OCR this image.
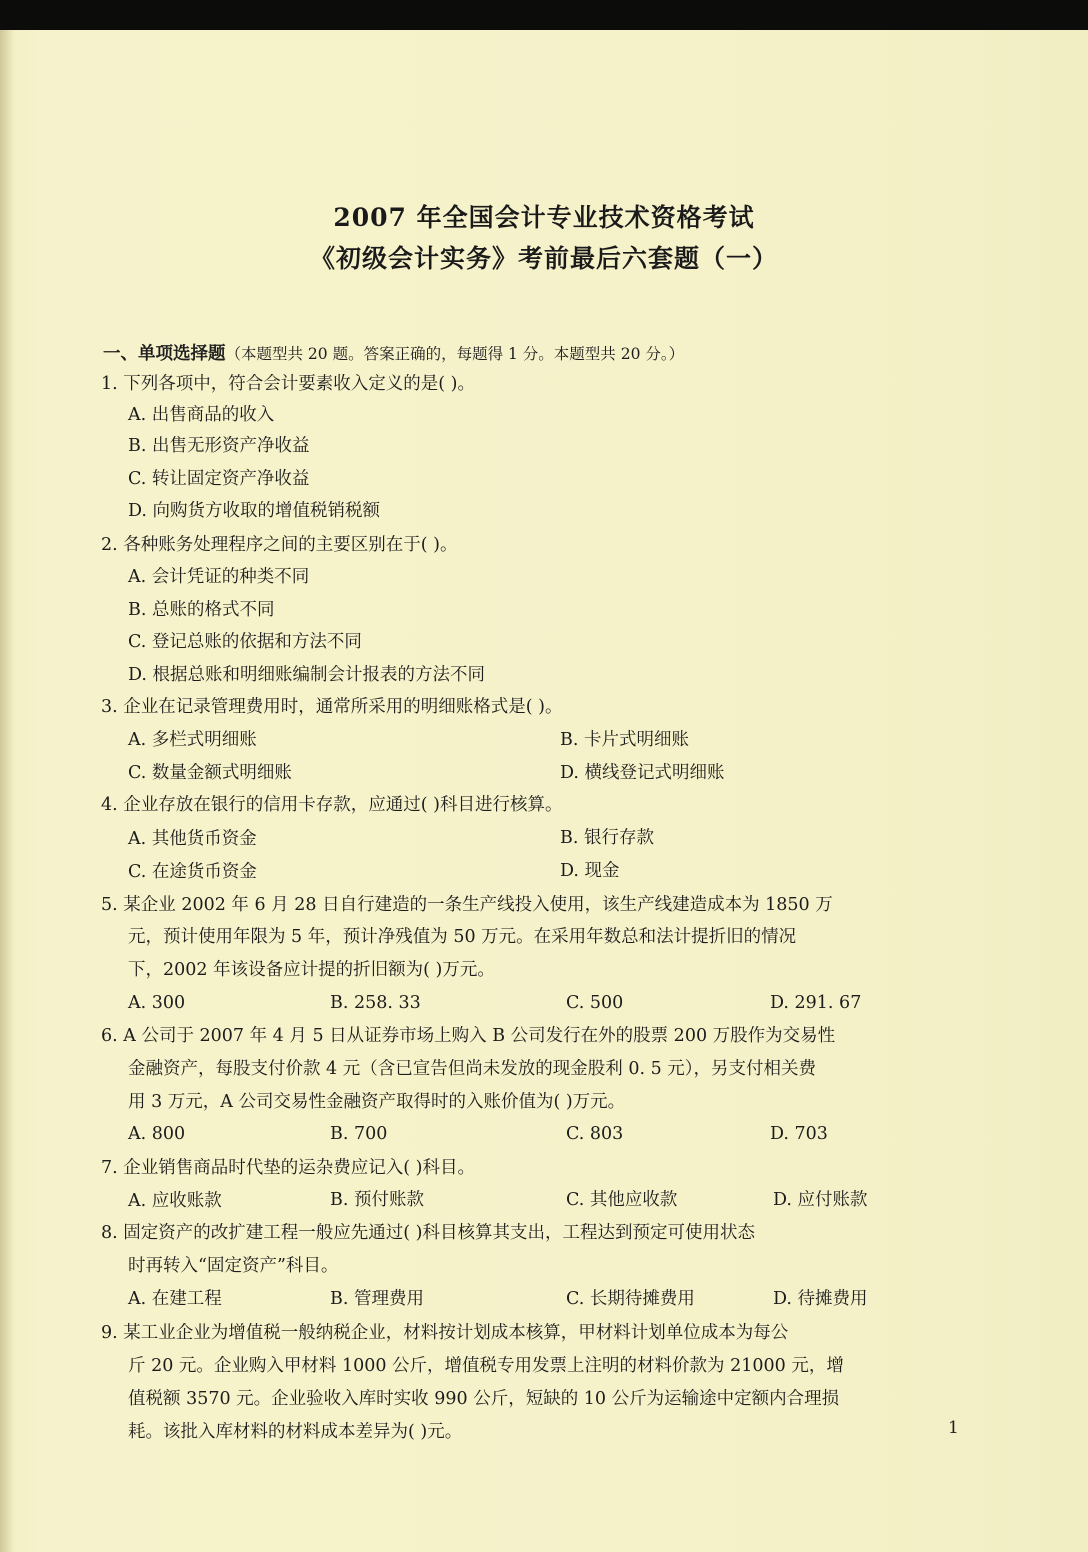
2007 年全国会计专业技术资格考试
《初级会计实务》考前最后六套题（一）
一、单项选择题（本题型共 20 题。答案正确的，每题得 1 分。本题型共 20 分。）
1. 下列各项中，符合会计要素收入定义的是( )。
A. 出售商品的收入
B. 出售无形资产净收益
C. 转让固定资产净收益
D. 向购货方收取的增值税销税额
2. 各种账务处理程序之间的主要区别在于( )。
A. 会计凭证的种类不同
B. 总账的格式不同
C. 登记总账的依据和方法不同
D. 根据总账和明细账编制会计报表的方法不同
3. 企业在记录管理费用时，通常所采用的明细账格式是( )。
A. 多栏式明细账	B. 卡片式明细账
C. 数量金额式明细账	D. 横线登记式明细账
4. 企业存放在银行的信用卡存款，应通过( )科目进行核算。
A. 其他货币资金	B. 银行存款
C. 在途货币资金	D. 现金
5. 某企业 2002 年 6 月 28 日自行建造的一条生产线投入使用，该生产线建造成本为 1850 万
元，预计使用年限为 5 年，预计净残值为 50 万元。在采用年数总和法计提折旧的情况
下，2002 年该设备应计提的折旧额为( )万元。
A. 300	B. 258. 33	C. 500	D. 291. 67
6. A 公司于 2007 年 4 月 5 日从证券市场上购入 B 公司发行在外的股票 200 万股作为交易性
金融资产，每股支付价款 4 元（含已宣告但尚未发放的现金股利 0. 5 元），另支付相关费
用 3 万元，A 公司交易性金融资产取得时的入账价值为( )万元。
A. 800	B. 700	C. 803	D. 703
7. 企业销售商品时代垫的运杂费应记入( )科目。
A. 应收账款	B. 预付账款	C. 其他应收款	D. 应付账款
8. 固定资产的改扩建工程一般应先通过( )科目核算其支出，工程达到预定可使用状态
时再转入“固定资产”科目。
A. 在建工程	B. 管理费用	C. 长期待摊费用	D. 待摊费用
9. 某工业企业为增值税一般纳税企业，材料按计划成本核算，甲材料计划单位成本为每公
斤 20 元。企业购入甲材料 1000 公斤，增值税专用发票上注明的材料价款为 21000 元，增
值税额 3570 元。企业验收入库时实收 990 公斤，短缺的 10 公斤为运输途中定额内合理损
耗。该批入库材料的材料成本差异为( )元。	1
